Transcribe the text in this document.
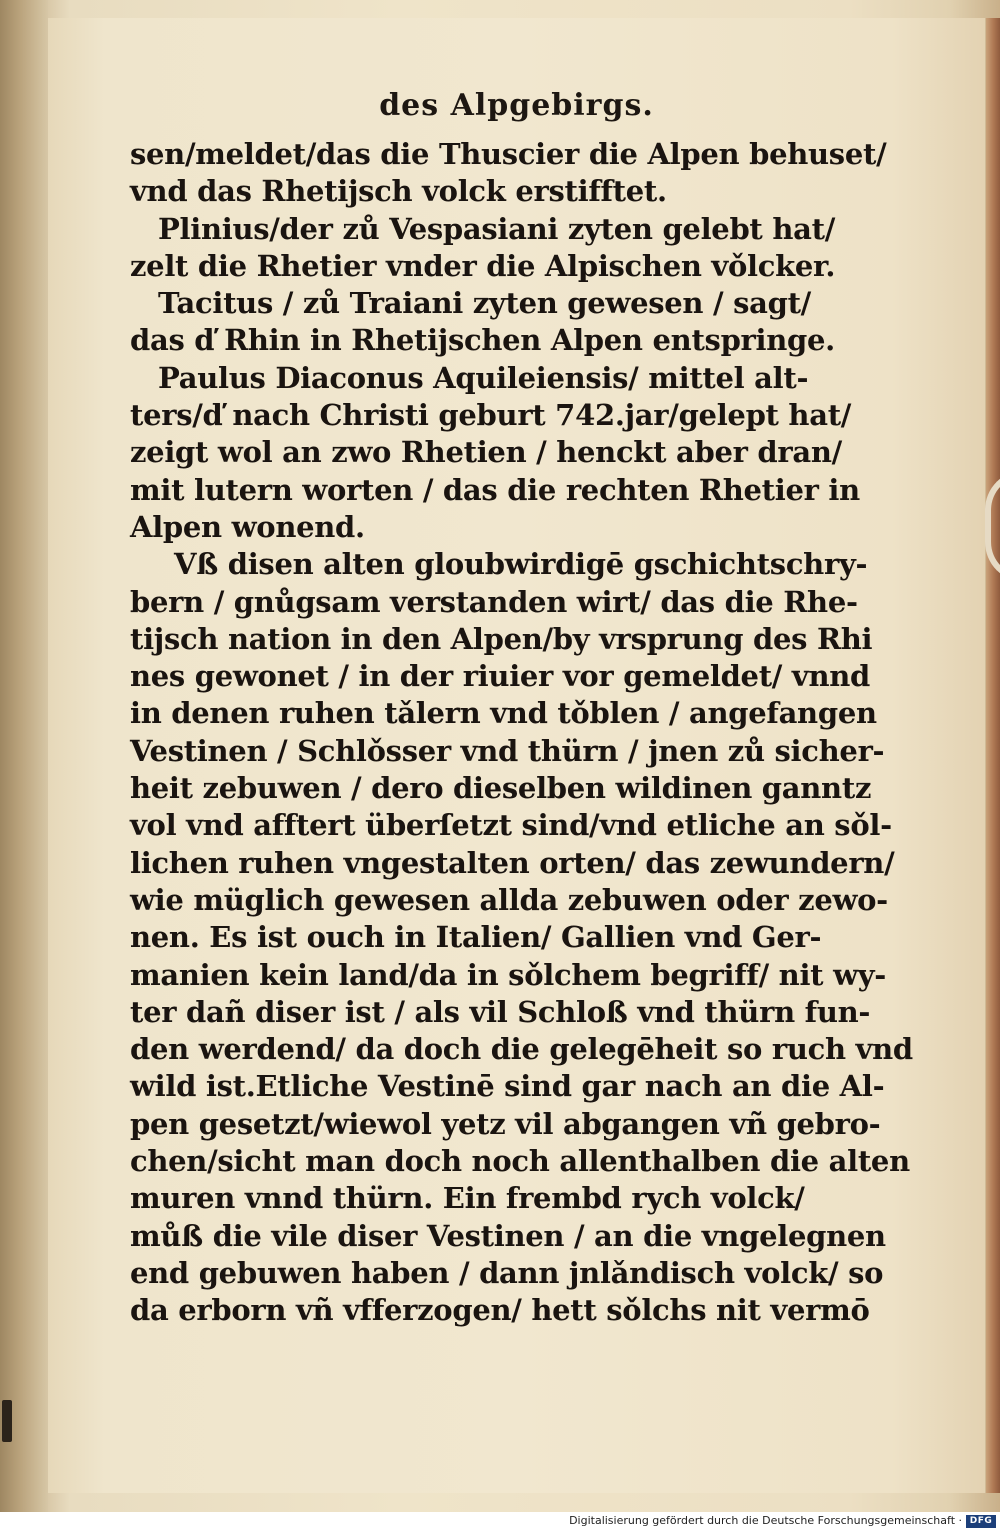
des Alpgebirgs.
sen/meldet/das die Thuscier die Alpen behuset/
vnd das Rhetijsch volck erstifftet.
Plinius/der zů Vespasiani zyten gelebt hat/
zelt die Rhetier vnder die Alpischen vǒlcker.
Tacitus / zů Traiani zyten gewesen / sagt/
das ď Rhin in Rhetijschen Alpen entspringe.
Paulus Diaconus Aquileiensis/ mittel alt-
ters/ď nach Christi geburt 742.jar/gelept hat/
zeigt wol an zwo Rhetien / henckt aber dran/
mit lutern worten / das die rechten Rhetier in
Alpen wonend.
Vß disen alten gloubwirdigē gschichtschry-
bern / gnůgsam verstanden wirt/ das die Rhe-
tijsch nation in den Alpen/by vrsprung des Rhi
nes gewonet / in der riuier vor gemeldet/ vnnd
in denen ruhen tǎlern vnd tǒblen / angefangen
Vestinen / Schlǒsser vnd thürn / jnen zů sicher-
heit zebuwen / dero dieselben wildinen ganntz
vol vnd afftert überſetzt sind/vnd etliche an sǒl-
lichen ruhen vngestalten orten/ das zewundern/
wie müglich gewesen allda zebuwen oder zewo-
nen. Es ist ouch in Italien/ Gallien vnd Ger-
manien kein land/da in sǒlchem begriff/ nit wy-
ter dañ diser ist / als vil Schloß vnd thürn fun-
den werdend/ da doch die gelegēheit so ruch vnd
wild ist.Etliche Vestinē sind gar nach an die Al-
pen gesetzt/wiewol yetz vil abgangen vñ gebro-
chen/sicht man doch noch allenthalben die alten
muren vnnd thürn. Ein frembd rych volck/
můß die vile diser Vestinen / an die vngelegnen
end gebuwen haben / dann jnlǎndisch volck/ so
da erborn vñ vfferzogen/ hett sǒlchs nit vermō
Digitalisierung gefördert durch die Deutsche Forschungsgemeinschaft · DFG
